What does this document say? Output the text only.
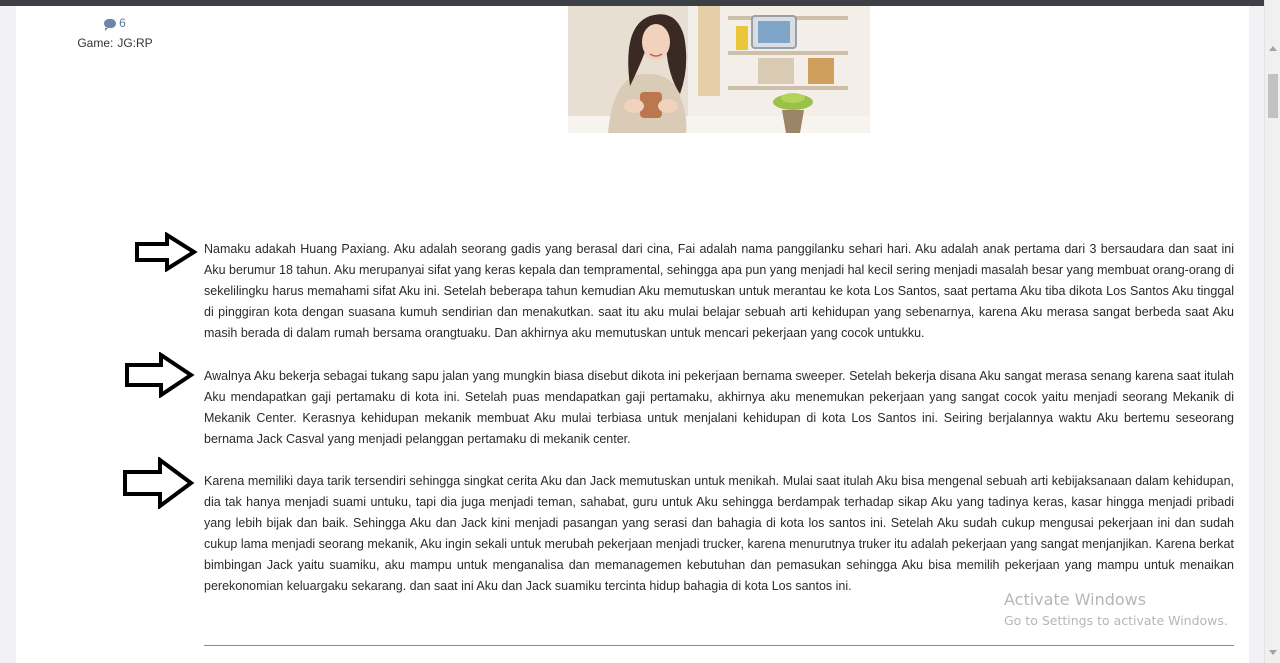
6
Game: JG:RP

Namaku adakah Huang Paxiang. Aku adalah seorang gadis yang berasal dari cina, Fai adalah nama panggilanku sehari hari. Aku adalah anak pertama dari 3 bersaudara dan saat ini Aku berumur 18 tahun. Aku merupanyai sifat yang keras kepala dan tempramental, sehingga apa pun yang menjadi hal kecil sering menjadi masalah besar yang membuat orang-orang di sekelilingku harus memahami sifat Aku ini. Setelah beberapa tahun kemudian Aku memutuskan untuk merantau ke kota Los Santos, saat pertama Aku tiba dikota Los Santos Aku tinggal di pinggiran kota dengan suasana kumuh sendirian dan menakutkan. saat itu aku mulai belajar sebuah arti kehidupan yang sebenarnya, karena Aku merasa sangat berbeda saat Aku masih berada di dalam rumah bersama orangtuaku. Dan akhirnya aku memutuskan untuk mencari pekerjaan yang cocok untukku.

Awalnya Aku bekerja sebagai tukang sapu jalan yang mungkin biasa disebut dikota ini pekerjaan bernama sweeper. Setelah bekerja disana Aku sangat merasa senang karena saat itulah Aku mendapatkan gaji pertamaku di kota ini. Setelah puas mendapatkan gaji pertamaku, akhirnya aku menemukan pekerjaan yang sangat cocok yaitu menjadi seorang Mekanik di Mekanik Center. Kerasnya kehidupan mekanik membuat Aku mulai terbiasa untuk menjalani kehidupan di kota Los Santos ini. Seiring berjalannya waktu Aku bertemu seseorang bernama Jack Casval yang menjadi pelanggan pertamaku di mekanik center.

Karena memiliki daya tarik tersendiri sehingga singkat cerita Aku dan Jack memutuskan untuk menikah. Mulai saat itulah Aku bisa mengenal sebuah arti kebijaksanaan dalam kehidupan, dia tak hanya menjadi suami untuku, tapi dia juga menjadi teman, sahabat, guru untuk Aku sehingga berdampak terhadap sikap Aku yang tadinya keras, kasar hingga menjadi pribadi yang lebih bijak dan baik. Sehingga Aku dan Jack kini menjadi pasangan yang serasi dan bahagia di kota los santos ini. Setelah Aku sudah cukup mengusai pekerjaan ini dan sudah cukup lama menjadi seorang mekanik, Aku ingin sekali untuk merubah pekerjaan menjadi trucker, karena menurutnya truker itu adalah pekerjaan yang sangat menjanjikan. Karena berkat bimbingan Jack yaitu suamiku, aku mampu untuk menganalisa dan memanagemen kebutuhan dan pemasukan sehingga Aku bisa memilih pekerjaan yang mampu untuk menaikan perekonomian keluargaku sekarang. dan saat ini Aku dan Jack suamiku tercinta hidup bahagia di kota Los santos ini.

Activate Windows
Go to Settings to activate Windows.
